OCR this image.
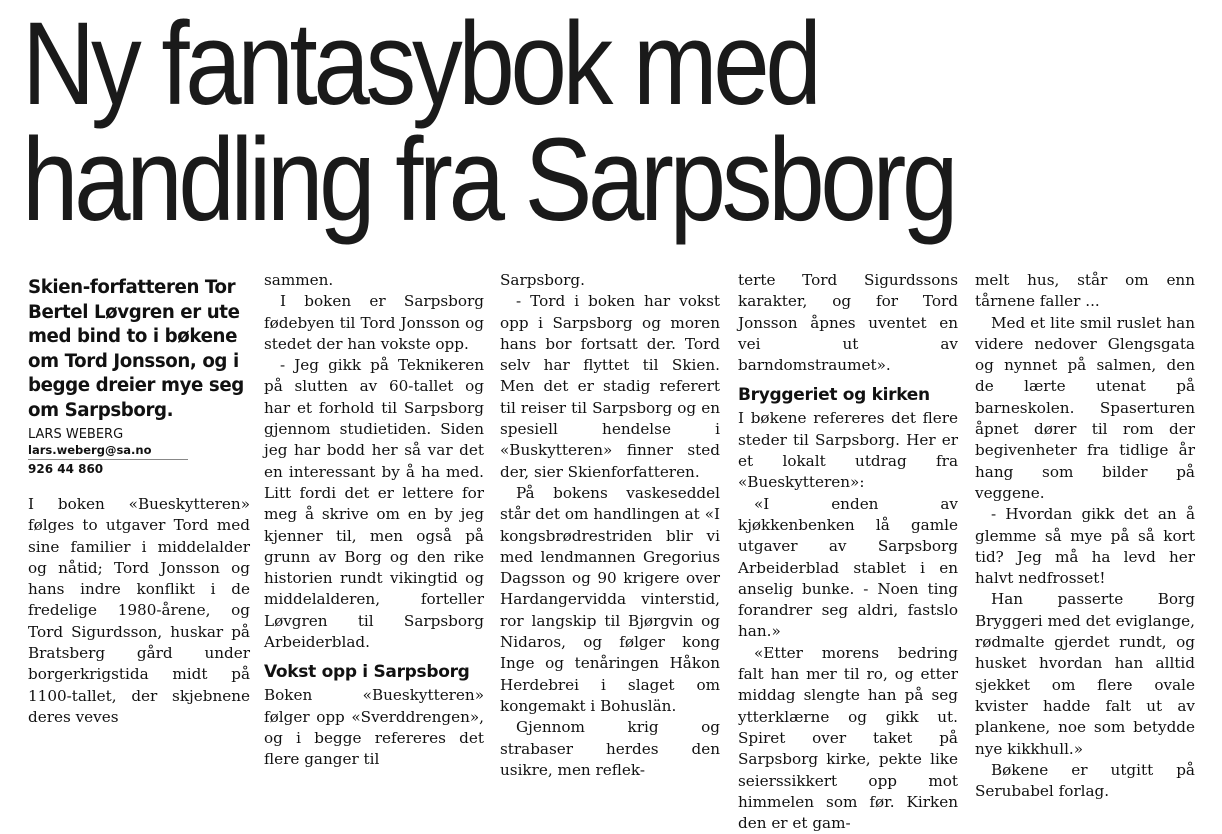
Ny fantasybok med
handling fra Sarpsborg
Skien-forfatteren Tor Bertel Løvgren er ute med bind to i bøkene om Tord Jonsson, og i begge dreier mye seg om Sarpsborg.
LARS WEBERG
lars.weberg@sa.no
926 44 860

I boken «Bueskytteren» følges to utgaver Tord med sine familier i middelalder og nåtid; Tord Jonsson og hans indre konflikt i de fredelige 1980-årene, og Tord Sigurdsson, huskar på Bratsberg gård under borgerkrigstida midt på 1100-tallet, der skjebnene deres veves

sammen.

I boken er Sarpsborg fødebyen til Tord Jonsson og stedet der han vokste opp.

- Jeg gikk på Teknikeren på slutten av 60-tallet og har et forhold til Sarpsborg gjennom studietiden. Siden jeg har bodd her så var det en interessant by å ha med. Litt fordi det er lettere for meg å skrive om en by jeg kjenner til, men også på grunn av Borg og den rike historien rundt vikingtid og middelalderen, forteller Løvgren til Sarpsborg Arbeiderblad.

Vokst opp i Sarpsborg

Boken «Bueskytteren» følger opp «Sverddrengen», og i begge refereres det flere ganger til

Sarpsborg.

- Tord i boken har vokst opp i Sarpsborg og moren hans bor fortsatt der. Tord selv har flyttet til Skien. Men det er stadig referert til reiser til Sarpsborg og en spesiell hendelse i «Buskytteren» finner sted der, sier Skienforfatteren.

På bokens vaskeseddel står det om handlingen at «I kongsbrødrestriden blir vi med lendmannen Gregorius Dagsson og 90 krigere over Hardangervidda vinterstid, ror langskip til Bjørgvin og Nidaros, og følger kong Inge og tenåringen Håkon Herdebrei i slaget om kongemakt i Bohuslän.

Gjennom krig og strabaser herdes den usikre, men reflek-

terte Tord Sigurdssons karakter, og for Tord Jonsson åpnes uventet en vei ut av barndomstraumet».

Bryggeriet og kirken

I bøkene refereres det flere steder til Sarpsborg. Her er et lokalt utdrag fra «Bueskytteren»:

«I enden av kjøkkenbenken lå gamle utgaver av Sarpsborg Arbeiderblad stablet i en anselig bunke. - Noen ting forandrer seg aldri, fastslo han.»

«Etter morens bedring falt han mer til ro, og etter middag slengte han på seg ytterklærne og gikk ut. Spiret over taket på Sarpsborg kirke, pekte like seierssikkert opp mot himmelen som før. Kirken den er et gam-

melt hus, står om enn tårnene faller ...

Med et lite smil ruslet han videre nedover Glengsgata og nynnet på salmen, den de lærte utenat på barneskolen. Spaserturen åpnet dører til rom der begivenheter fra tidlige år hang som bilder på veggene.

- Hvordan gikk det an å glemme så mye på så kort tid? Jeg må ha levd her halvt nedfrosset!

Han passerte Borg Bryggeri med det eviglange, rødmalte gjerdet rundt, og husket hvordan han alltid sjekket om flere ovale kvister hadde falt ut av plankene, noe som betydde nye kikkhull.»

Bøkene er utgitt på Serubabel forlag.
